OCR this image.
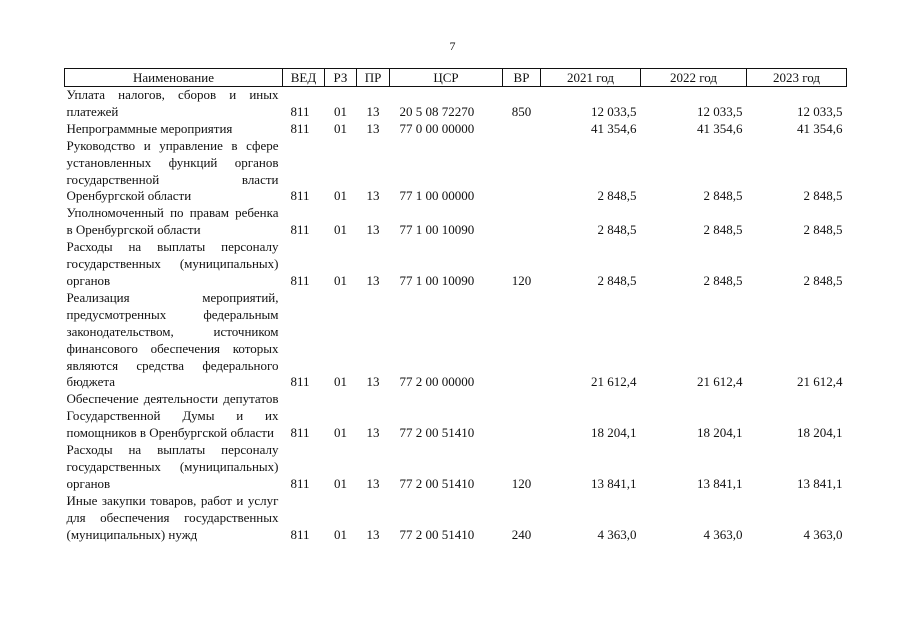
7
Наименование	ВЕД	РЗ	ПР	ЦСР	ВР	2021 год	2022 год	2023 год
Уплата налогов, сборов и иных платежей	811	01	13	20 5 08 72270	850	12 033,5	12 033,5	12 033,5
Непрограммные мероприятия	811	01	13	77 0 00 00000		41 354,6	41 354,6	41 354,6
Руководство и управление в сфере установленных функций органов государственной власти Оренбургской области	811	01	13	77 1 00 00000		2 848,5	2 848,5	2 848,5
Уполномоченный по правам ребенка в Оренбургской области	811	01	13	77 1 00 10090		2 848,5	2 848,5	2 848,5
Расходы на выплаты персоналу государственных (муниципальных) органов	811	01	13	77 1 00 10090	120	2 848,5	2 848,5	2 848,5
Реализация мероприятий, предусмотренных федеральным законодательством, источником финансового обеспечения которых являются средства федерального бюджета	811	01	13	77 2 00 00000		21 612,4	21 612,4	21 612,4
Обеспечение деятельности депутатов Государственной Думы и их помощников в Оренбургской области	811	01	13	77 2 00 51410		18 204,1	18 204,1	18 204,1
Расходы на выплаты персоналу государственных (муниципальных) органов	811	01	13	77 2 00 51410	120	13 841,1	13 841,1	13 841,1
Иные закупки товаров, работ и услуг для обеспечения государственных (муниципальных) нужд	811	01	13	77 2 00 51410	240	4 363,0	4 363,0	4 363,0
